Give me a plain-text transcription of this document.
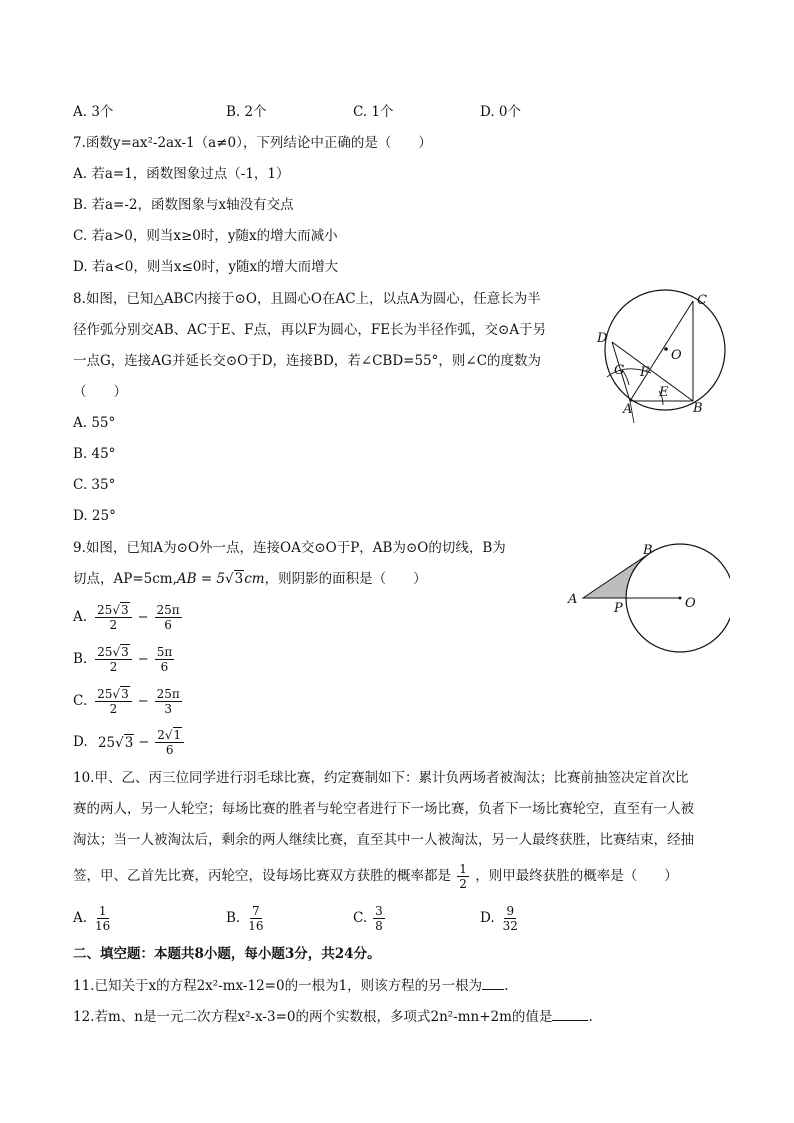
A. 3个	B. 2个	C. 1个	D. 0个
7.函数y=ax²-2ax-1（a≠0），下列结论中正确的是（　　）
A. 若a=1，函数图象过点（-1，1）
B. 若a=-2，函数图象与x轴没有交点
C. 若a>0，则当x≥0时，y随x的增大而减小
D. 若a<0，则当x≤0时，y随x的增大而增大
8.如图，已知△ABC内接于⊙O，且圆心O在AC上，以点A为圆心，任意长为半
径作弧分别交AB、AC于E、F点，再以F为圆心，FE长为半径作弧，交⊙A于另
一点G，连接AG并延长交⊙O于D，连接BD，若∠CBD=55°，则∠C的度数为
（　　）
A. 55°
B. 45°
C. 35°
D. 25°
C
D
O
G F
E
A	B
9.如图，已知A为⊙O外一点，连接OA交⊙O于P，AB为⊙O的切线，B为
切点，AP=5cm,AB = 5√3cm，则阴影的面积是（　　）
A. $\frac{25√3}{2} - \frac{25\pi}{6}$
B. $\frac{25√3}{2} - \frac{5\pi}{6}$
C. $\frac{25√3}{2} - \frac{25\pi}{3}$
D. 25 $√3 - \frac{2√1}{6}$
B
A
P	O
10.甲、乙、丙三位同学进行羽毛球比赛，约定赛制如下：累计负两场者被淘汰；比赛前抽签决定首次比
赛的两人，另一人轮空；每场比赛的胜者与轮空者进行下一场比赛，负者下一场比赛轮空，直至有一人被
淘汰；当一人被淘汰后，剩余的两人继续比赛，直至其中一人被淘汰，另一人最终获胜，比赛结束，经抽
签，甲、乙首先比赛，丙轮空，设每场比赛双方获胜的概率都是 $\frac{1}{2}$ ，则甲最终获胜的概率是（　　）
A. $\frac{1}{16}$	B. $\frac{7}{16}$	C. $\frac{3}{8}$	D. $\frac{9}{32}$
二、填空题：本题共8小题，每小题3分，共24分。
11.已知关于x的方程2x²-mx-12=0的一根为1，则该方程的另一根为 .
12.若m、n是一元二次方程x²-x-3=0的两个实数根，多项式2n²-mn+2m的值是	.
